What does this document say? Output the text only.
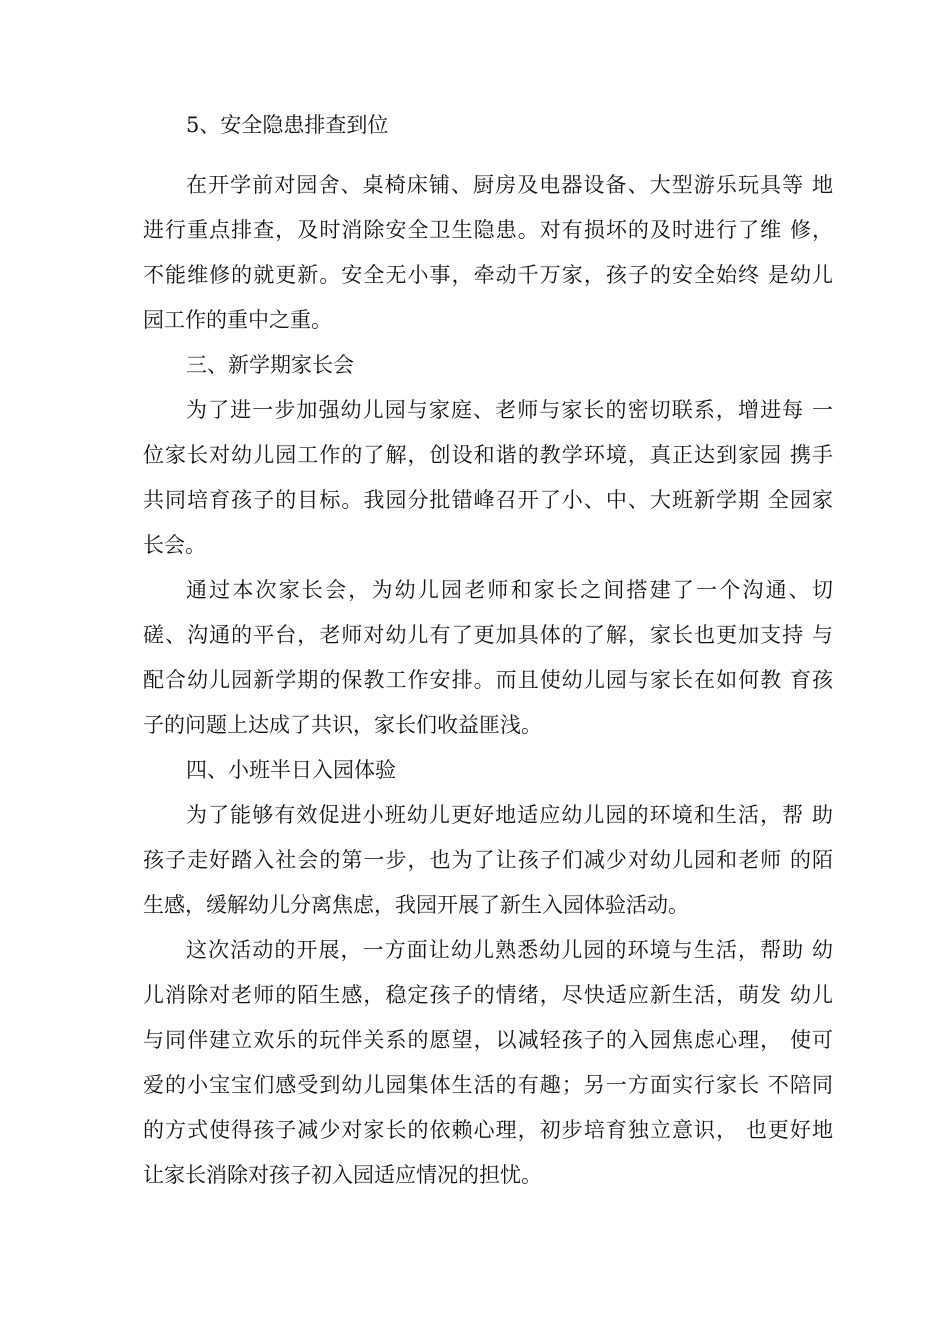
5、安全隐患排查到位
在开学前对园舍、桌椅床铺、厨房及电器设备、大型游乐玩具等 地
进行重点排查，及时消除安全卫生隐患。对有损坏的及时进行了维 修，
不能维修的就更新。安全无小事，牵动千万家，孩子的安全始终 是幼儿
园工作的重中之重。
三、新学期家长会
为了进一步加强幼儿园与家庭、老师与家长的密切联系，增进每 一
位家长对幼儿园工作的了解，创设和谐的教学环境，真正达到家园 携手
共同培育孩子的目标。我园分批错峰召开了小、中、大班新学期 全园家
长会。
通过本次家长会，为幼儿园老师和家长之间搭建了一个沟通、切
磋、沟通的平台，老师对幼儿有了更加具体的了解，家长也更加支持 与
配合幼儿园新学期的保教工作安排。而且使幼儿园与家长在如何教 育孩
子的问题上达成了共识，家长们收益匪浅。
四、小班半日入园体验
为了能够有效促进小班幼儿更好地适应幼儿园的环境和生活，帮 助
孩子走好踏入社会的第一步，也为了让孩子们减少对幼儿园和老师 的陌
生感，缓解幼儿分离焦虑，我园开展了新生入园体验活动。
这次活动的开展，一方面让幼儿熟悉幼儿园的环境与生活，帮助 幼
儿消除对老师的陌生感，稳定孩子的情绪，尽快适应新生活，萌发 幼儿
与同伴建立欢乐的玩伴关系的愿望，以减轻孩子的入园焦虑心理， 使可
爱的小宝宝们感受到幼儿园集体生活的有趣；另一方面实行家长 不陪同
的方式使得孩子减少对家长的依赖心理，初步培育独立意识， 也更好地
让家长消除对孩子初入园适应情况的担忧。
